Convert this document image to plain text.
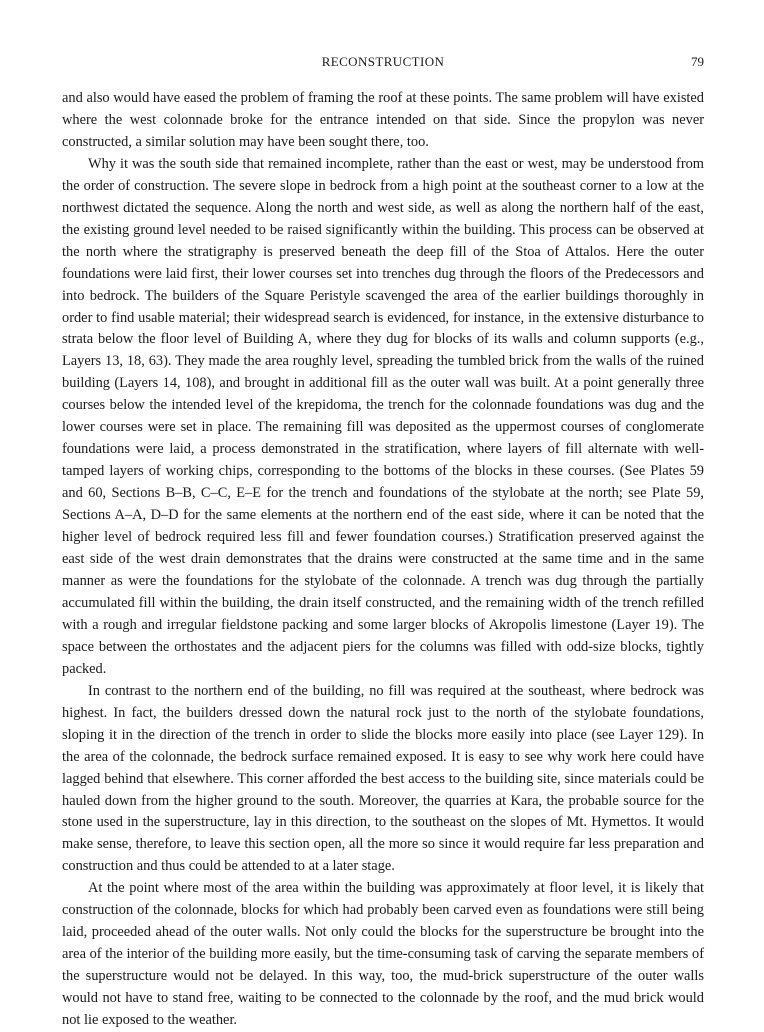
RECONSTRUCTION	79

and also would have eased the problem of framing the roof at these points. The same problem will have existed where the west colonnade broke for the entrance intended on that side. Since the propylon was never constructed, a similar solution may have been sought there, too.

Why it was the south side that remained incomplete, rather than the east or west, may be understood from the order of construction. The severe slope in bedrock from a high point at the southeast corner to a low at the northwest dictated the sequence. Along the north and west side, as well as along the northern half of the east, the existing ground level needed to be raised significantly within the building. This process can be observed at the north where the stratigraphy is preserved beneath the deep fill of the Stoa of Attalos. Here the outer foundations were laid first, their lower courses set into trenches dug through the floors of the Predecessors and into bedrock. The builders of the Square Peristyle scavenged the area of the earlier buildings thoroughly in order to find usable material; their widespread search is evidenced, for instance, in the extensive disturbance to strata below the floor level of Building A, where they dug for blocks of its walls and column supports (e.g., Layers 13, 18, 63). They made the area roughly level, spreading the tumbled brick from the walls of the ruined building (Layers 14, 108), and brought in additional fill as the outer wall was built. At a point generally three courses below the intended level of the krepidoma, the trench for the colonnade foundations was dug and the lower courses were set in place. The remaining fill was deposited as the uppermost courses of conglomerate foundations were laid, a process demonstrated in the stratification, where layers of fill alternate with well-tamped layers of working chips, corresponding to the bottoms of the blocks in these courses. (See Plates 59 and 60, Sections B–B, C–C, E–E for the trench and foundations of the stylobate at the north; see Plate 59, Sections A–A, D–D for the same elements at the northern end of the east side, where it can be noted that the higher level of bedrock required less fill and fewer foundation courses.) Stratification preserved against the east side of the west drain demonstrates that the drains were constructed at the same time and in the same manner as were the foundations for the stylobate of the colonnade. A trench was dug through the partially accumulated fill within the building, the drain itself constructed, and the remaining width of the trench refilled with a rough and irregular fieldstone packing and some larger blocks of Akropolis limestone (Layer 19). The space between the orthostates and the adjacent piers for the columns was filled with odd-size blocks, tightly packed.

In contrast to the northern end of the building, no fill was required at the southeast, where bedrock was highest. In fact, the builders dressed down the natural rock just to the north of the stylobate foundations, sloping it in the direction of the trench in order to slide the blocks more easily into place (see Layer 129). In the area of the colonnade, the bedrock surface remained exposed. It is easy to see why work here could have lagged behind that elsewhere. This corner afforded the best access to the building site, since materials could be hauled down from the higher ground to the south. Moreover, the quarries at Kara, the probable source for the stone used in the superstructure, lay in this direction, to the southeast on the slopes of Mt. Hymettos. It would make sense, therefore, to leave this section open, all the more so since it would require far less preparation and construction and thus could be attended to at a later stage.

At the point where most of the area within the building was approximately at floor level, it is likely that construction of the colonnade, blocks for which had probably been carved even as foundations were still being laid, proceeded ahead of the outer walls. Not only could the blocks for the superstructure be brought into the area of the interior of the building more easily, but the time-consuming task of carving the separate members of the superstructure would not be delayed. In this way, too, the mud-brick superstructure of the outer walls would not have to stand free, waiting to be connected to the colonnade by the roof, and the mud brick would not lie exposed to the weather.
